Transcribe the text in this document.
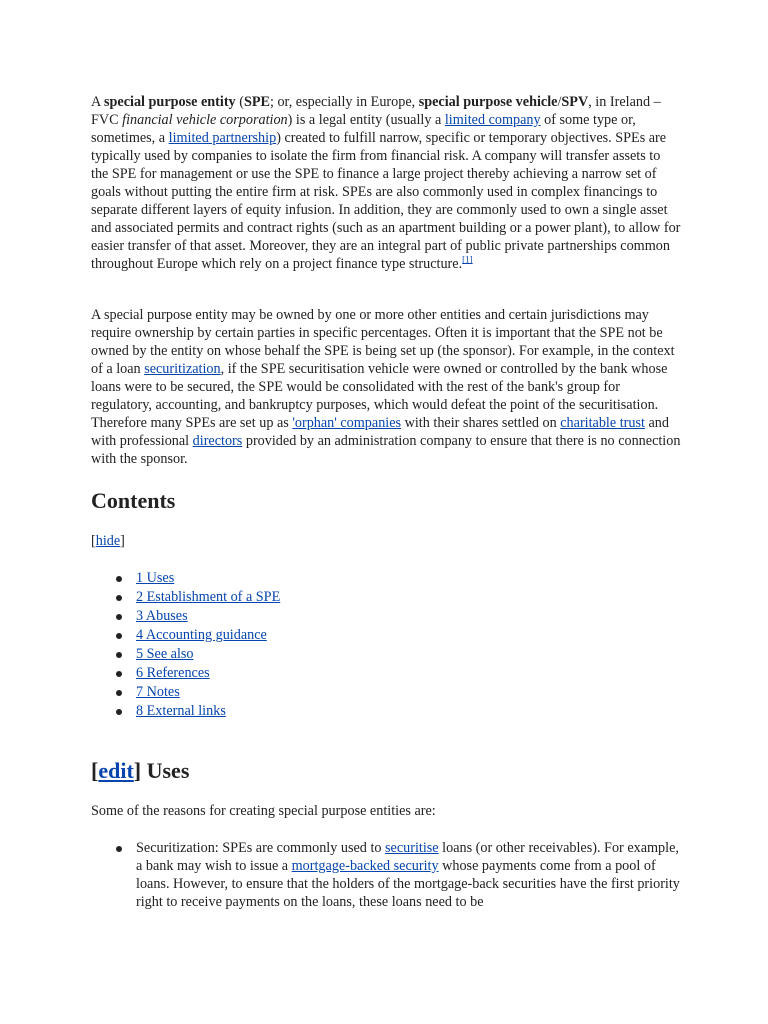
A special purpose entity (SPE; or, especially in Europe, special purpose vehicle/SPV, in Ireland – FVC financial vehicle corporation) is a legal entity (usually a limited company of some type or, sometimes, a limited partnership) created to fulfill narrow, specific or temporary objectives. SPEs are typically used by companies to isolate the firm from financial risk. A company will transfer assets to the SPE for management or use the SPE to finance a large project thereby achieving a narrow set of goals without putting the entire firm at risk. SPEs are also commonly used in complex financings to separate different layers of equity infusion. In addition, they are commonly used to own a single asset and associated permits and contract rights (such as an apartment building or a power plant), to allow for easier transfer of that asset. Moreover, they are an integral part of public private partnerships common throughout Europe which rely on a project finance type structure.[1]

A special purpose entity may be owned by one or more other entities and certain jurisdictions may require ownership by certain parties in specific percentages. Often it is important that the SPE not be owned by the entity on whose behalf the SPE is being set up (the sponsor). For example, in the context of a loan securitization, if the SPE securitisation vehicle were owned or controlled by the bank whose loans were to be secured, the SPE would be consolidated with the rest of the bank's group for regulatory, accounting, and bankruptcy purposes, which would defeat the point of the securitisation. Therefore many SPEs are set up as 'orphan' companies with their shares settled on charitable trust and with professional directors provided by an administration company to ensure that there is no connection with the sponsor.

Contents
[hide]
1 Uses
2 Establishment of a SPE
3 Abuses
4 Accounting guidance
5 See also
6 References
7 Notes
8 External links
[edit] Uses

Some of the reasons for creating special purpose entities are:

Securitization: SPEs are commonly used to securitise loans (or other receivables). For example, a bank may wish to issue a mortgage-backed security whose payments come from a pool of loans. However, to ensure that the holders of the mortgage-back securities have the first priority right to receive payments on the loans, these loans need to be
